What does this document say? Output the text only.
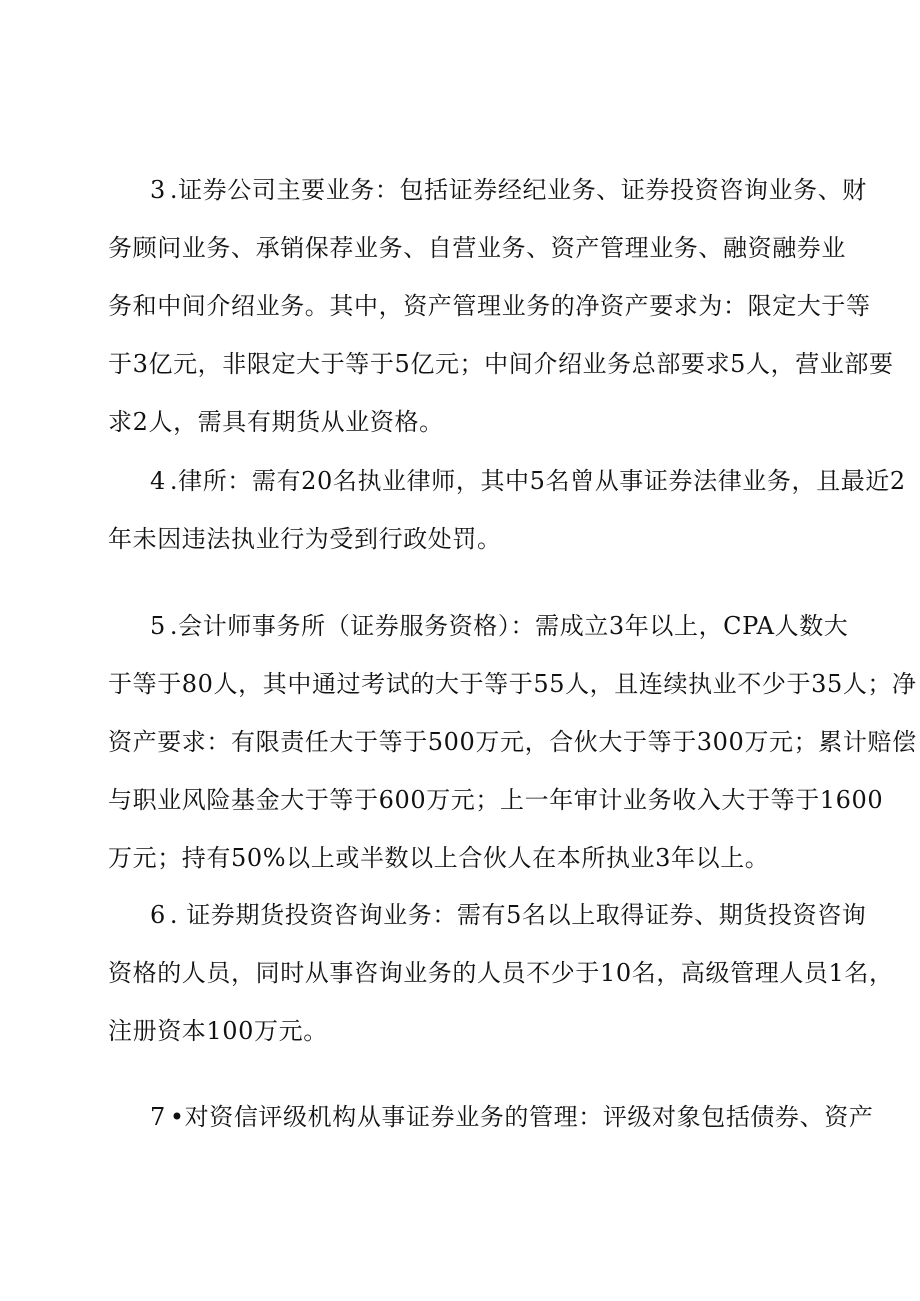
3 .证券公司主要业务：包括证券经纪业务、证券投资咨询业务、财
务顾问业务、承销保荐业务、自营业务、资产管理业务、融资融券业
务和中间介绍业务。其中，资产管理业务的净资产要求为：限定大于等
于3亿元，非限定大于等于5亿元；中间介绍业务总部要求5人，营业部要
求2人，需具有期货从业资格。
4 .律所：需有20名执业律师，其中5名曾从事证券法律业务，且最近2
年未因违法执业行为受到行政处罚。
5 .会计师事务所（证券服务资格）：需成立3年以上，CPA人数大
于等于80人，其中通过考试的大于等于55人，且连续执业不少于35人；净
资产要求：有限责任大于等于500万元，合伙大于等于300万元；累计赔偿
与职业风险基金大于等于600万元；上一年审计业务收入大于等于1600
万元；持有50%以上或半数以上合伙人在本所执业3年以上。
6 . 证券期货投资咨询业务：需有5名以上取得证券、期货投资咨询
资格的人员，同时从事咨询业务的人员不少于10名，高级管理人员1名，
注册资本100万元。
7 •对资信评级机构从事证券业务的管理：评级对象包括债券、资产
